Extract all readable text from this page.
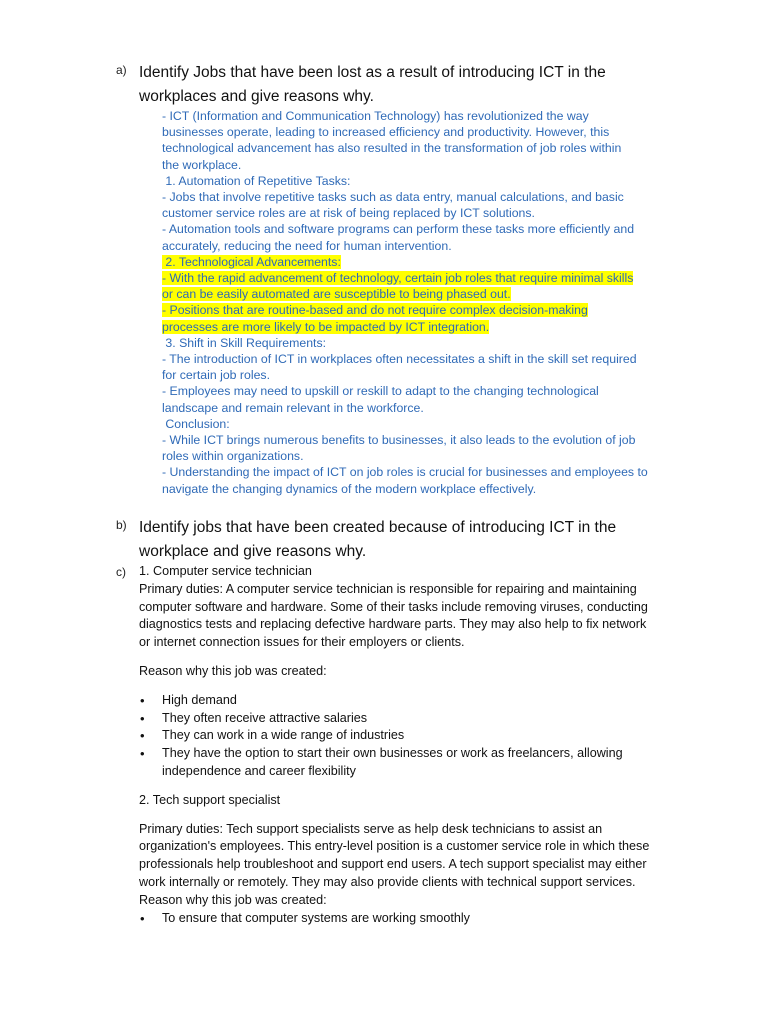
a) Identify Jobs that have been lost as a result of introducing ICT in the
workplaces and give reasons why.
- ICT (Information and Communication Technology) has revolutionized the way
businesses operate, leading to increased efficiency and productivity. However, this
technological advancement has also resulted in the transformation of job roles within
the workplace.
1. Automation of Repetitive Tasks:
- Jobs that involve repetitive tasks such as data entry, manual calculations, and basic
customer service roles are at risk of being replaced by ICT solutions.
- Automation tools and software programs can perform these tasks more efficiently and
accurately, reducing the need for human intervention.
2. Technological Advancements:
- With the rapid advancement of technology, certain job roles that require minimal skills
or can be easily automated are susceptible to being phased out.
- Positions that are routine-based and do not require complex decision-making
processes are more likely to be impacted by ICT integration.
3. Shift in Skill Requirements:
- The introduction of ICT in workplaces often necessitates a shift in the skill set required
for certain job roles.
- Employees may need to upskill or reskill to adapt to the changing technological
landscape and remain relevant in the workforce.
Conclusion:
- While ICT brings numerous benefits to businesses, it also leads to the evolution of job
roles within organizations.
- Understanding the impact of ICT on job roles is crucial for businesses and employees to
navigate the changing dynamics of the modern workplace effectively.
b) Identify jobs that have been created because of introducing ICT in the
workplace and give reasons why.
c) 1. Computer service technician
Primary duties: A computer service technician is responsible for repairing and maintaining
computer software and hardware. Some of their tasks include removing viruses, conducting
diagnostics tests and replacing defective hardware parts. They may also help to fix network
or internet connection issues for their employers or clients.
Reason why this job was created:
• High demand
• They often receive attractive salaries
• They can work in a wide range of industries
• They have the option to start their own businesses or work as freelancers, allowing
independence and career flexibility
2. Tech support specialist
Primary duties: Tech support specialists serve as help desk technicians to assist an
organization's employees. This entry-level position is a customer service role in which these
professionals help troubleshoot and support end users. A tech support specialist may either
work internally or remotely. They may also provide clients with technical support services.
Reason why this job was created:
• To ensure that computer systems are working smoothly
